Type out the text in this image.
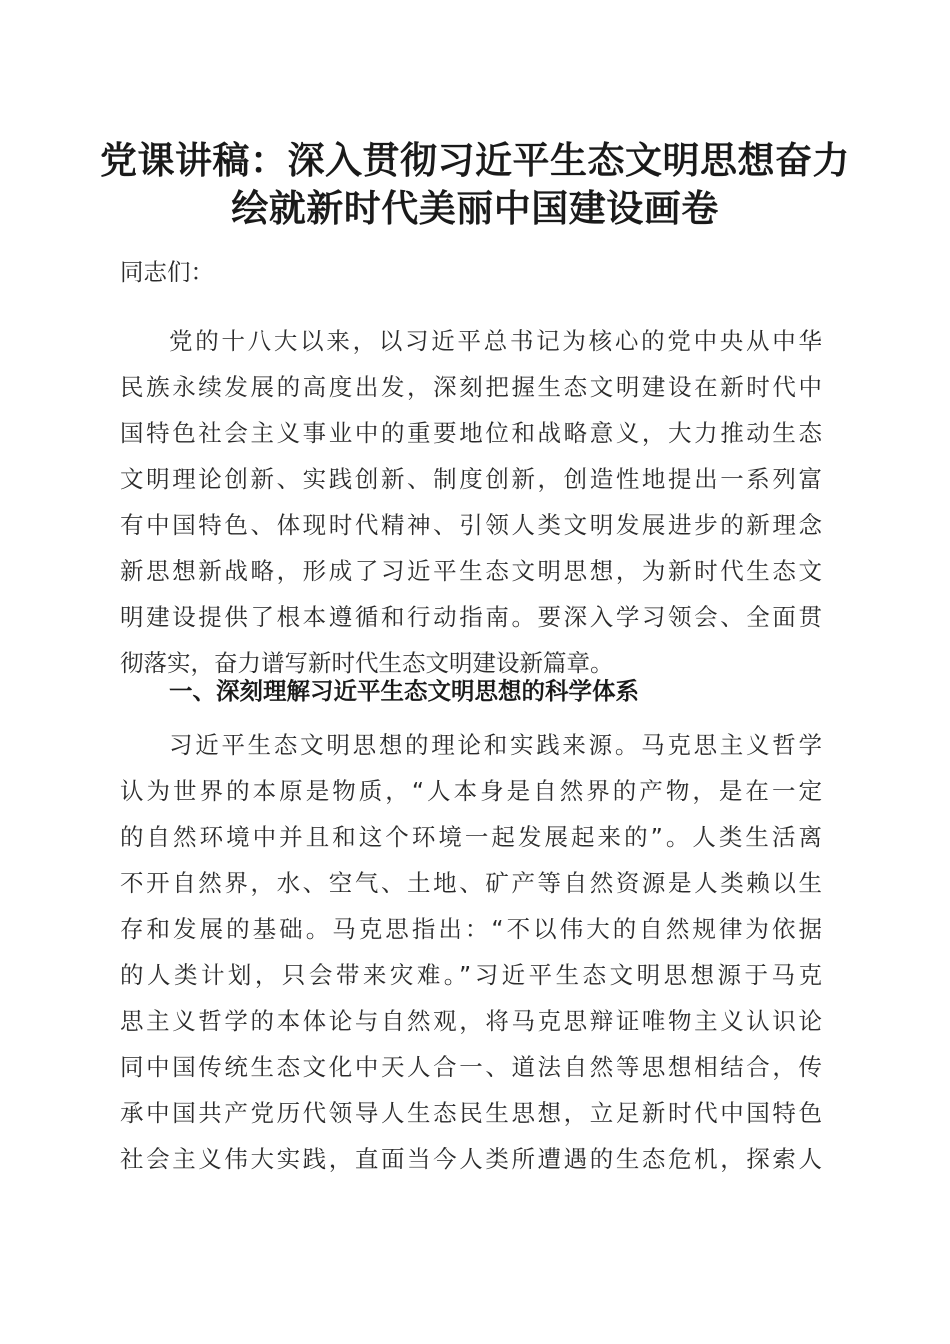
党课讲稿：深入贯彻习近平生态文明思想奋力
绘就新时代美丽中国建设画卷
同志们：
党的十八大以来，以习近平总书记为核心的党中央从中华
民族永续发展的高度出发，深刻把握生态文明建设在新时代中
国特色社会主义事业中的重要地位和战略意义，大力推动生态
文明理论创新、实践创新、制度创新，创造性地提出一系列富
有中国特色、体现时代精神、引领人类文明发展进步的新理念
新思想新战略，形成了习近平生态文明思想，为新时代生态文
明建设提供了根本遵循和行动指南。要深入学习领会、全面贯
彻落实，奋力谱写新时代生态文明建设新篇章。
一、深刻理解习近平生态文明思想的科学体系
习近平生态文明思想的理论和实践来源。马克思主义哲学
认为世界的本原是物质，“人本身是自然界的产物，是在一定
的自然环境中并且和这个环境一起发展起来的”。人类生活离
不开自然界，水、空气、土地、矿产等自然资源是人类赖以生
存和发展的基础。马克思指出：“不以伟大的自然规律为依据
的人类计划，只会带来灾难。”习近平生态文明思想源于马克
思主义哲学的本体论与自然观，将马克思辩证唯物主义认识论
同中国传统生态文化中天人合一、道法自然等思想相结合，传
承中国共产党历代领导人生态民生思想，立足新时代中国特色
社会主义伟大实践，直面当今人类所遭遇的生态危机，探索人
